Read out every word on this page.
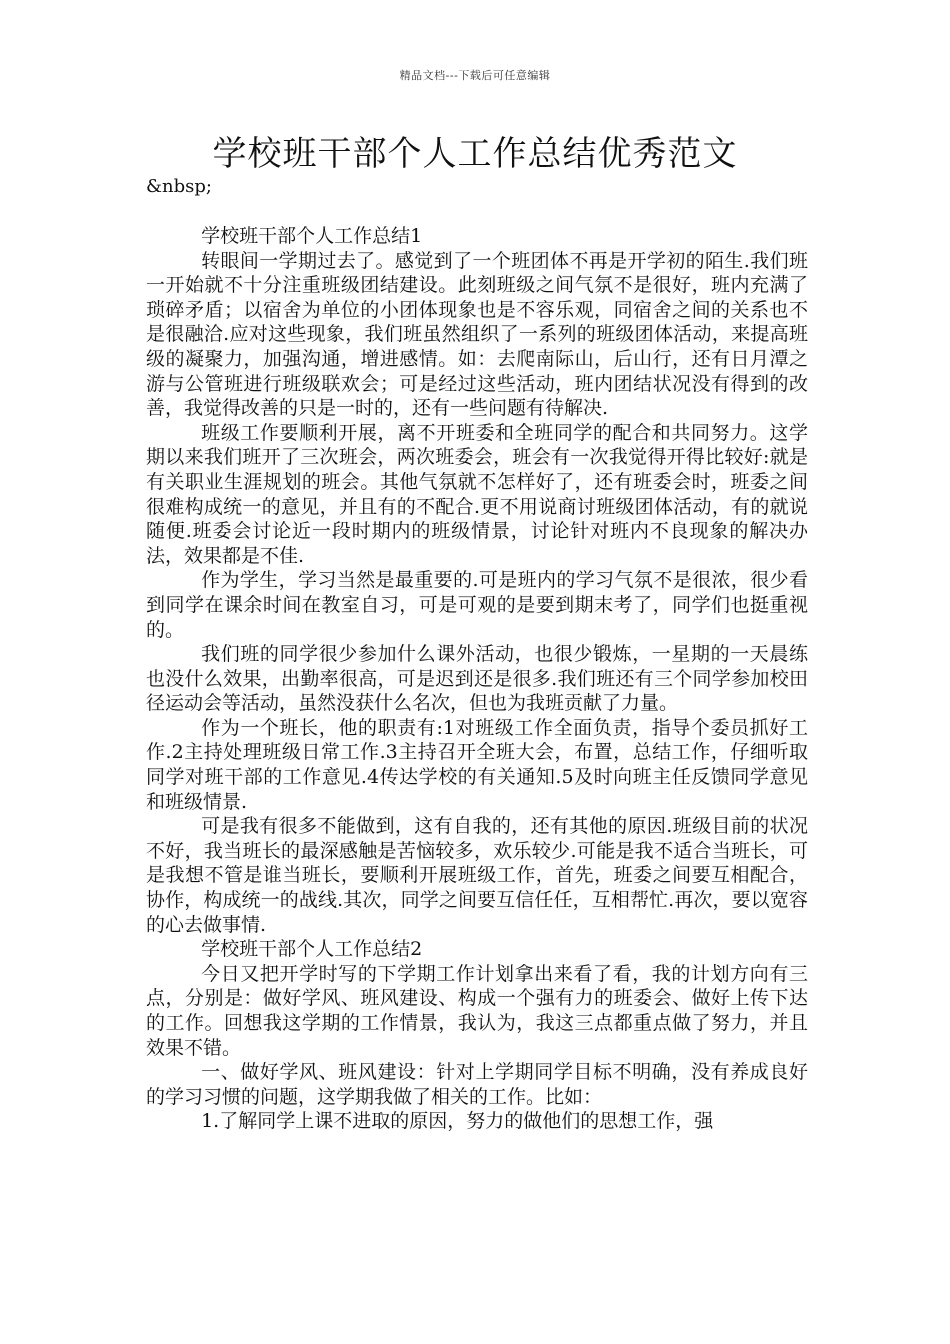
精品文档---下载后可任意编辑
学校班干部个人工作总结优秀范文

&nbsp;

学校班干部个人工作总结1

转眼间一学期过去了。感觉到了一个班团体不再是开学初的陌生.我们班一开始就不十分注重班级团结建设。此刻班级之间气氛不是很好，班内充满了琐碎矛盾；以宿舍为单位的小团体现象也是不容乐观，同宿舍之间的关系也不是很融洽.应对这些现象，我们班虽然组织了一系列的班级团体活动，来提高班级的凝聚力，加强沟通，增进感情。如：去爬南际山，后山行，还有日月潭之游与公管班进行班级联欢会；可是经过这些活动，班内团结状况没有得到的改善，我觉得改善的只是一时的，还有一些问题有待解决.

班级工作要顺利开展，离不开班委和全班同学的配合和共同努力。这学期以来我们班开了三次班会，两次班委会，班会有一次我觉得开得比较好:就是有关职业生涯规划的班会。其他气氛就不怎样好了，还有班委会时，班委之间很难构成统一的意见，并且有的不配合.更不用说商讨班级团体活动，有的就说随便.班委会讨论近一段时期内的班级情景，讨论针对班内不良现象的解决办法，效果都是不佳.

作为学生，学习当然是最重要的.可是班内的学习气氛不是很浓，很少看到同学在课余时间在教室自习，可是可观的是要到期末考了，同学们也挺重视的。

我们班的同学很少参加什么课外活动，也很少锻炼，一星期的一天晨练也没什么效果，出勤率很高，可是迟到还是很多.我们班还有三个同学参加校田径运动会等活动，虽然没获什么名次，但也为我班贡献了力量。

作为一个班长，他的职责有:1对班级工作全面负责，指导个委员抓好工作.2主持处理班级日常工作.3主持召开全班大会，布置，总结工作，仔细听取同学对班干部的工作意见.4传达学校的有关通知.5及时向班主任反馈同学意见和班级情景.

可是我有很多不能做到，这有自我的，还有其他的原因.班级目前的状况不好，我当班长的最深感触是苦恼较多，欢乐较少.可能是我不适合当班长，可是我想不管是谁当班长，要顺利开展班级工作，首先，班委之间要互相配合，协作，构成统一的战线.其次，同学之间要互信任任，互相帮忙.再次，要以宽容的心去做事情.

学校班干部个人工作总结2

今日又把开学时写的下学期工作计划拿出来看了看，我的计划方向有三点，分别是：做好学风、班风建设、构成一个强有力的班委会、做好上传下达的工作。回想我这学期的工作情景，我认为，我这三点都重点做了努力，并且效果不错。

一、做好学风、班风建设：针对上学期同学目标不明确，没有养成良好的学习习惯的问题，这学期我做了相关的工作。比如：

1.了解同学上课不进取的原因，努力的做他们的思想工作，强
